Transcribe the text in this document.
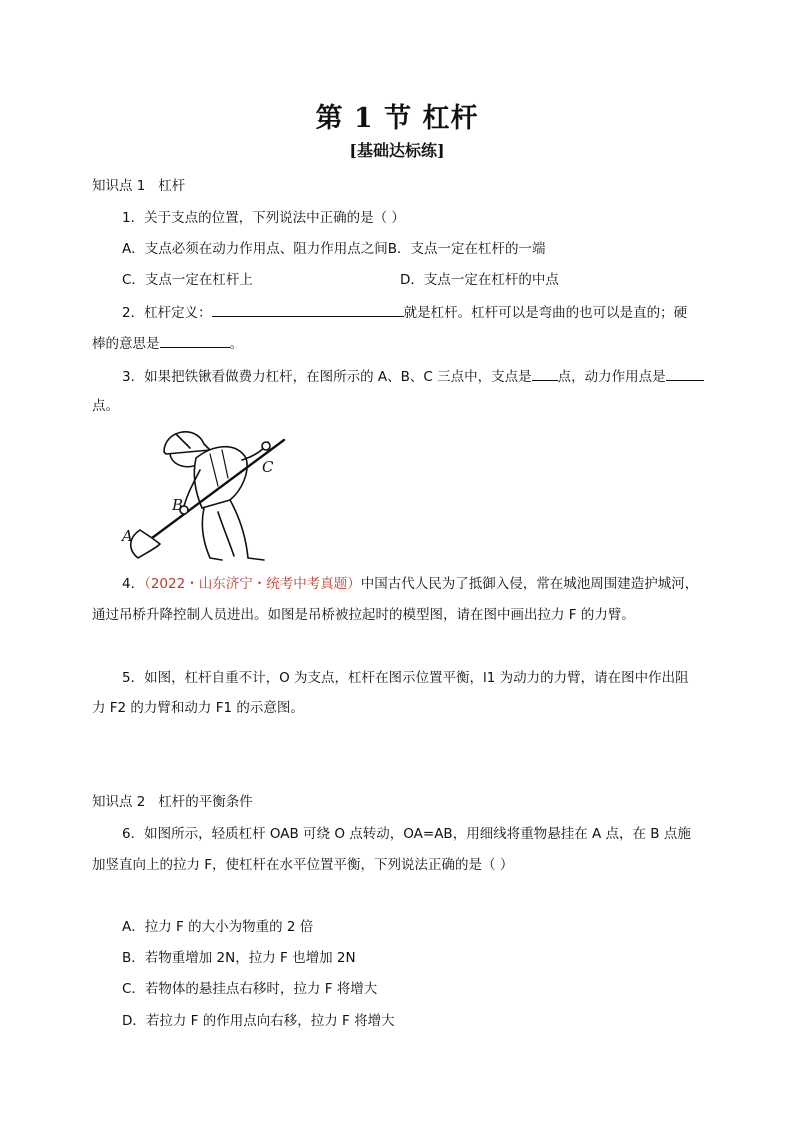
第 1 节 杠杆
[基础达标练]
知识点 1 杠杆
1．关于支点的位置，下列说法中正确的是（ ）
A．支点必须在动力作用点、阻力作用点之间B．支点一定在杠杆的一端
C．支点一定在杠杆上	D．支点一定在杠杆的中点
2．杠杆定义：	就是杠杆。杠杆可以是弯曲的也可以是直的；硬
棒的意思是	。
3．如果把铁锹看做费力杠杆，在图所示的 A、B、C 三点中，支点是 点，动力作用点是
点。
A
B
C
4．（2022・山东济宁・统考中考真题）中国古代人民为了抵御入侵，常在城池周围建造护城河，
通过吊桥升降控制人员进出。如图是吊桥被拉起时的模型图，请在图中画出拉力 F 的力臂。
5．如图，杠杆自重不计，O 为支点，杠杆在图示位置平衡，l1 为动力的力臂，请在图中作出阻
力 F2 的力臂和动力 F1 的示意图。
知识点 2 杠杆的平衡条件
6．如图所示，轻质杠杆 OAB 可绕 O 点转动，OA=AB，用细线将重物悬挂在 A 点，在 B 点施
加竖直向上的拉力 F，使杠杆在水平位置平衡，下列说法正确的是（ ）
A．拉力 F 的大小为物重的 2 倍
B．若物重增加 2N，拉力 F 也增加 2N
C．若物体的悬挂点右移时，拉力 F 将增大
D．若拉力 F 的作用点向右移，拉力 F 将增大
